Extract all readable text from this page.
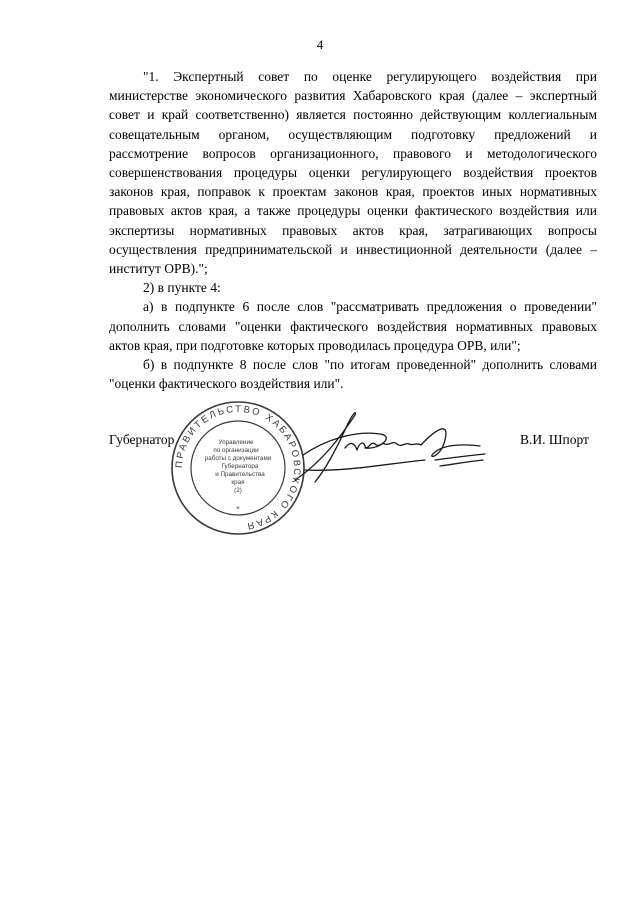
4

"1. Экспертный совет по оценке регулирующего воздействия при министерстве экономического развития Хабаровского края (далее – экспертный совет и край соответственно) является постоянно действующим коллегиальным совещательным органом, осуществляющим подготовку предложений и рассмотрение вопросов организационного, правового и методологического совершенствования процедуры оценки регулирующего воздействия проектов законов края, поправок к проектам законов края, проектов иных нормативных правовых актов края, а также процедуры оценки фактического воздействия или экспертизы нормативных правовых актов края, затрагивающих вопросы осуществления предпринимательской и инвестиционной деятельности (далее – институт ОРВ).";

2) в пункте 4:

а) в подпункте 6 после слов "рассматривать предложения о проведении" дополнить словами "оценки фактического воздействия нормативных правовых актов края, при подготовке которых проводилась процедура ОРВ, или";

б) в подпункте 8 после слов "по итогам проведенной" дополнить словами "оценки фактического воздействия или".

Губернатор	В.И. Шпорт
ПРАВИТЕЛЬСТВО ХАБАРОВСКОГО КРАЯ
Управление
по организации
работы с документами
Губернатора
и Правительства
края
(2)
*
